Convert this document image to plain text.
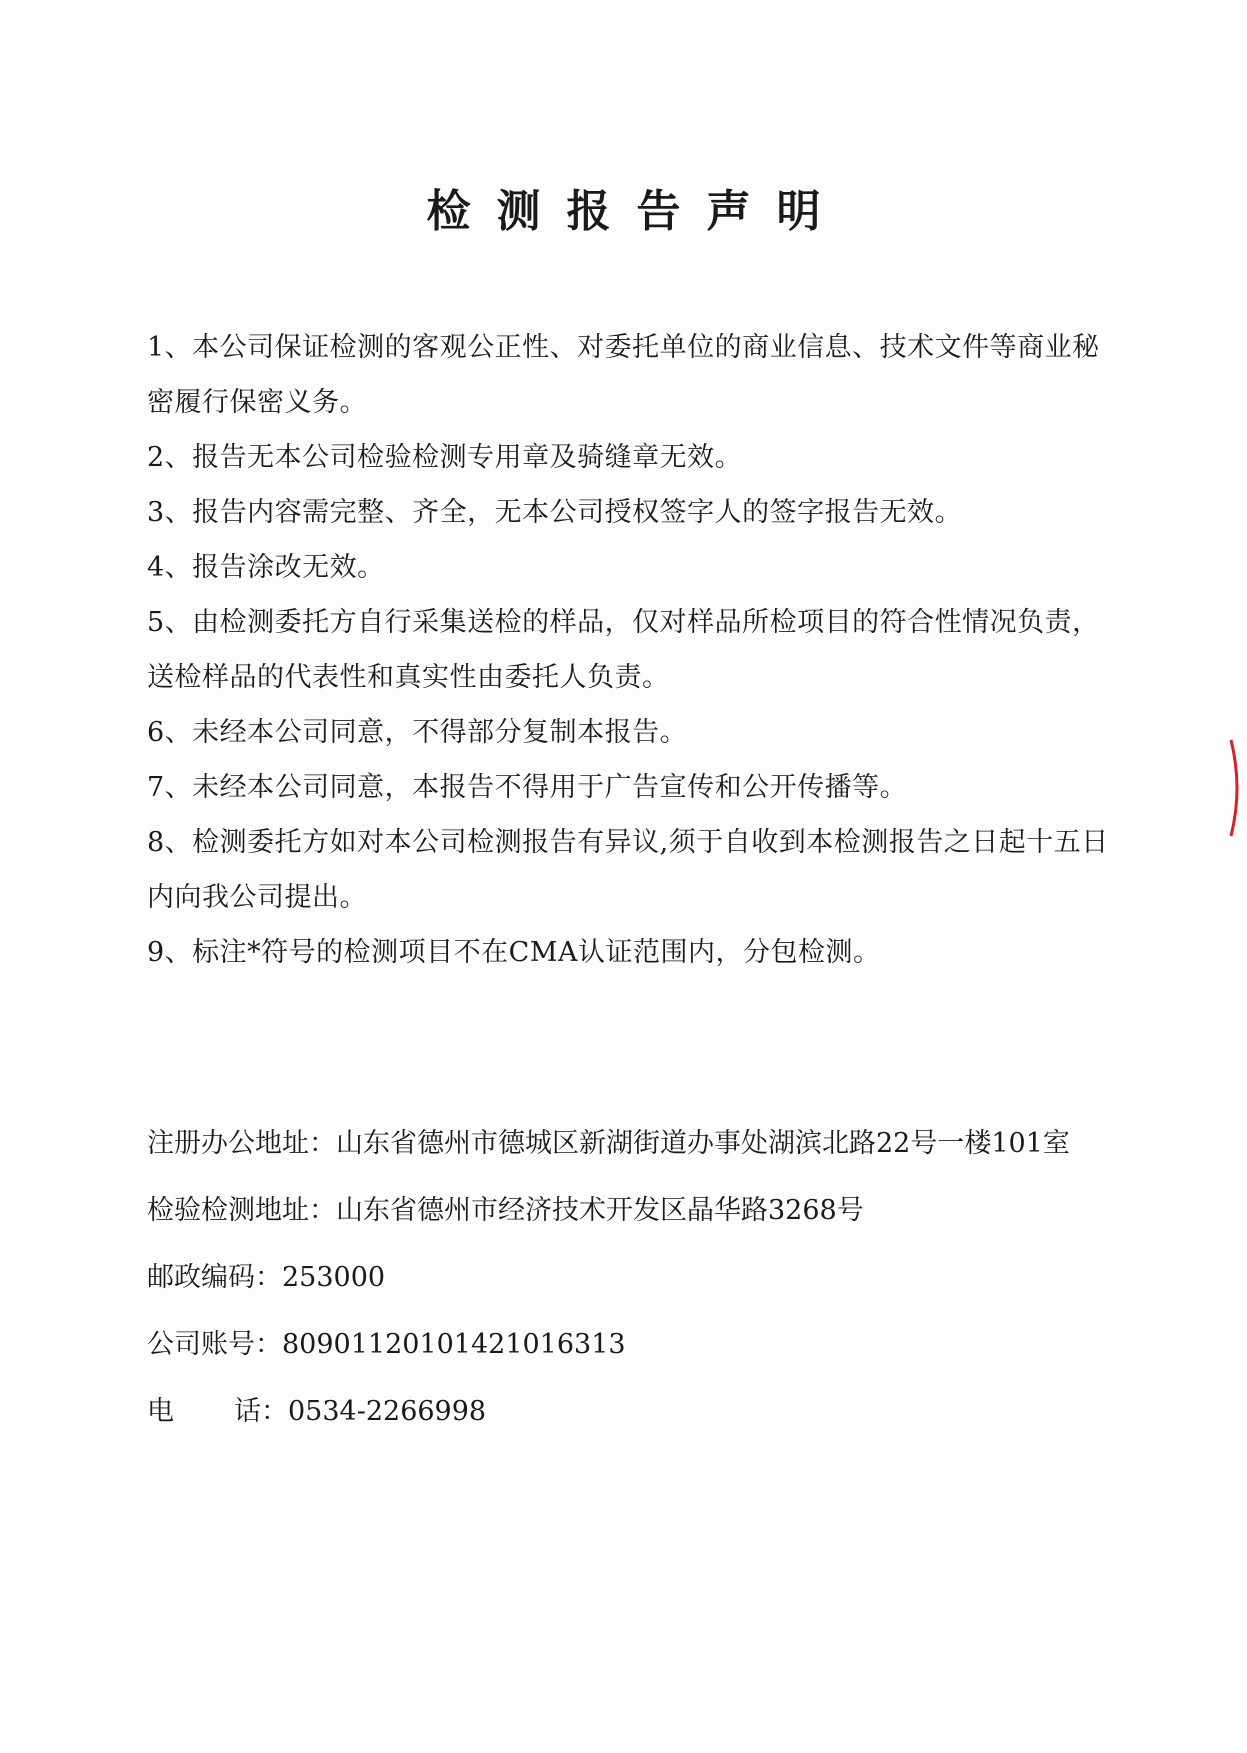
检测报告声明

1、本公司保证检测的客观公正性、对委托单位的商业信息、技术文件等商业秘密履行保密义务。

2、报告无本公司检验检测专用章及骑缝章无效。

3、报告内容需完整、齐全，无本公司授权签字人的签字报告无效。

4、报告涂改无效。

5、由检测委托方自行采集送检的样品，仅对样品所检项目的符合性情况负责，送检样品的代表性和真实性由委托人负责。

6、未经本公司同意，不得部分复制本报告。

7、未经本公司同意，本报告不得用于广告宣传和公开传播等。

8、检测委托方如对本公司检测报告有异议,须于自收到本检测报告之日起十五日内向我公司提出。

9、标注*符号的检测项目不在CMA认证范围内，分包检测。

注册办公地址：山东省德州市德城区新湖街道办事处湖滨北路22号一楼101室
检验检测地址：山东省德州市经济技术开发区晶华路3268号
邮政编码：253000
公司账号：80901120101421016313
电 话：0534-2266998
